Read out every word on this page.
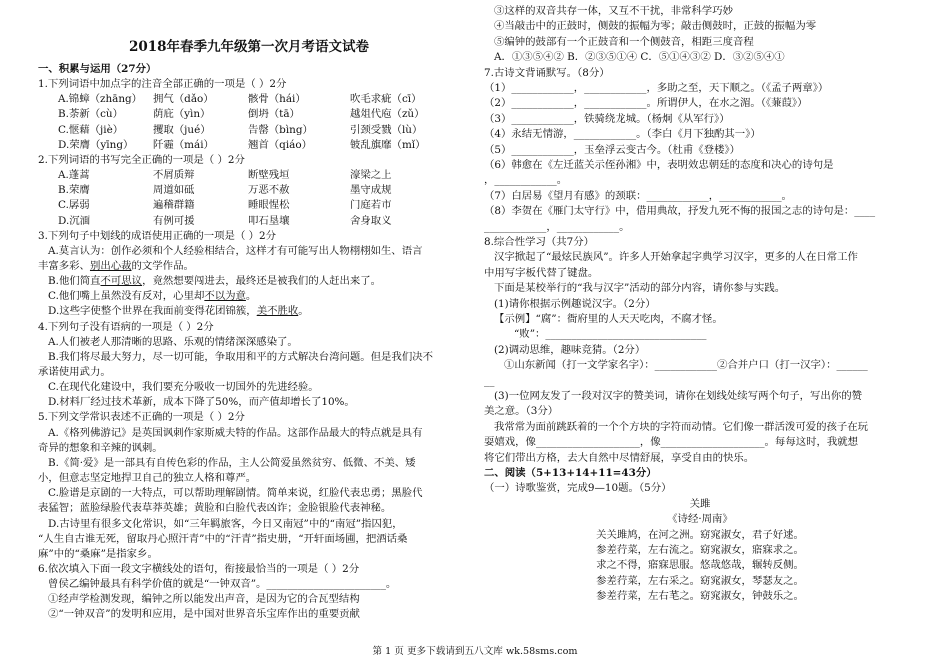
2018年春季九年级第一次月考语文试卷
一、积累与运用（27分）
1.下列词语中加点字的注音全部正确的一项是（ ）2分
A.锦蟑（zhāng） 拥气（dǎo）	骸骨（hái）	吹毛求疵（cī）
B.荼新（cù）	荫庇（yìn）	倒坍（tā）	越俎代庖（zǔ）
C.惬藉（jiè）	攫取（jué）	告罄（bìng）	引颈受戮（lù）
D.荣膺（yīng） 阡霾（mái）	翘首（qiáo）	铍乱旗靡（mǐ）
2.下列词语的书写完全正确的一项是（ ）2分
A.蓬蒿	不屑质辩	断壁残垣	濠梁之上
B.荣膺	周道如砥	万恶不赦	墨守成规
C.孱弱	遍稽群籍	睡眼惺松	门庭若市
D.沉湎	有例可援	叩石垦壤	舍身取义
3.下列句子中划线的成语使用正确的一项是（ ）2分
A.莫言认为：创作必须和个人经验相结合，这样才有可能写出人物栩栩如生、语言
丰富多彩、别出心裁的文学作品。
B.他们简直不可思议，竟然想要闯进去，最终还是被我们的人赶出来了。
C.他们嘴上虽然没有反对，心里却不以为意。
D.这些字使整个世界在我面前变得花团锦簇，美不胜收。
4.下列句子没有语病的一项是（ ）2分
A.人们被老人那清晰的思路、乐观的情绪深深感染了。
B.我们将尽最大努力，尽一切可能，争取用和平的方式解决台湾问题。但是我们决不
承诺使用武力。
C.在现代化建设中，我们要充分吸收一切国外的先进经验。
D.材料厂经过技术革新，成本下降了50%，而产值却增长了10%。
5.下列文学常识表述不正确的一项是（ ）2分
A.《格列佛游记》是英国讽刺作家斯威夫特的作品。这部作品最大的特点就是具有
奇异的想象和辛辣的讽刺。
B.《简·爱》是一部具有自传色彩的作品，主人公简爱虽然贫穷、低微、不美、矮
小，但意志坚定地捍卫自己的独立人格和尊严。
C.脸谱是京剧的一大特点，可以帮助理解剧情。简单来说，红脸代表忠勇；黑脸代
表猛智；蓝脸绿脸代表草莽英雄；黄脸和白脸代表凶诈；金脸银脸代表神秘。
D.古诗里有很多文化常识，如“三年羁旅客，今日又南冠”中的“南冠”指囚犯，
“人生自古谁无死，留取丹心照汗青”中的“汗青”指史册，“开轩面场圃，把酒话桑
麻”中的“桑麻”是指家乡。
6.依次填入下面一段文字横线处的语句，衔接最恰当的一项是（ ）2分
曾侯乙编钟最具有科学价值的就是“一钟双音”。_______________________。
①经声学检测发现，编钟之所以能发出声音，是因为它的合瓦型结构
②“一钟双音”的发明和应用，是中国对世界音乐宝库作出的重要贡献
③这样的双音共存一体，又互不干扰，非常科学巧妙
④当敲击中的正鼓时，侧鼓的振幅为零；敲击侧鼓时，正鼓的振幅为零
⑤编钟的鼓部有一个正鼓音和一个侧鼓音，相距三度音程
A．①③⑤④② B．②③⑤①④ C．⑤①④③② D．③②⑤④①
7.古诗文背诵默写。（8分）
（1）____________，____________，多助之至，天下顺之。（《孟子两章》）
（2）____________，____________。所谓伊人，在水之湄。（《蒹葭》）
（3）____________，铁骑绕龙城。（杨炯《从军行》）
（4）永结无情游，____________。（李白《月下独酌其一》）
（5）____________，玉垒浮云变古今。（杜甫《登楼》）
（6）韩愈在《左迁蓝关示侄孙湘》中，表明效忠朝廷的态度和决心的诗句是
，____________。
（7）白居易《望月有感》的颈联：____________，____________。
（8）李贺在《雁门太守行》中，借用典故，抒发九死不悔的报国之志的诗句是：____
____________，____________。
8.综合性学习（共7分）
汉字掀起了“最炫民族风”。许多人开始拿起字典学习汉字，更多的人在日常工作
中用写字板代替了键盘。
下面是某校举行的“我与汉字”活动的部分内容，请你参与实践。
(1)请你根据示例趣说汉字。（2分）
【示例】“腐”：衙府里的人天天吃肉，不腐才怪。
“败”：_______________________________
(2)调动思维，趣味竞猜。（2分）
①山东新闻（打一文学家名字）：____________②合并户口（打一汉字）：______
__
(3)一位网友发了一段对汉字的赞美词，请你在划线处续写两个句子，写出你的赞
美之意。（3分）
我常常为面前跳跃着的一个个方块的字符而动情。它们像一群活泼可爱的孩子在玩
耍嬉戏，像____________________，像____________________。每每这时，我就想
将它们带出方格，去大自然中尽情舒展，享受自由的快乐。
二、阅读（5+13+14+11=43分）
（一）诗歌鉴赏，完成9—10题。（5分）
关雎
《诗经·周南》
关关雎鸠，在河之洲。窈窕淑女，君子好逑。
参差荇菜，左右流之。窈窕淑女，寤寐求之。
求之不得，寤寐思服。悠哉悠哉，辗转反侧。
参差荇菜，左右采之。窈窕淑女，琴瑟友之。
参差荇菜，左右芼之。窈窕淑女，钟鼓乐之。
第 1 页 更多下载请到五八文库 wk.58sms.com
